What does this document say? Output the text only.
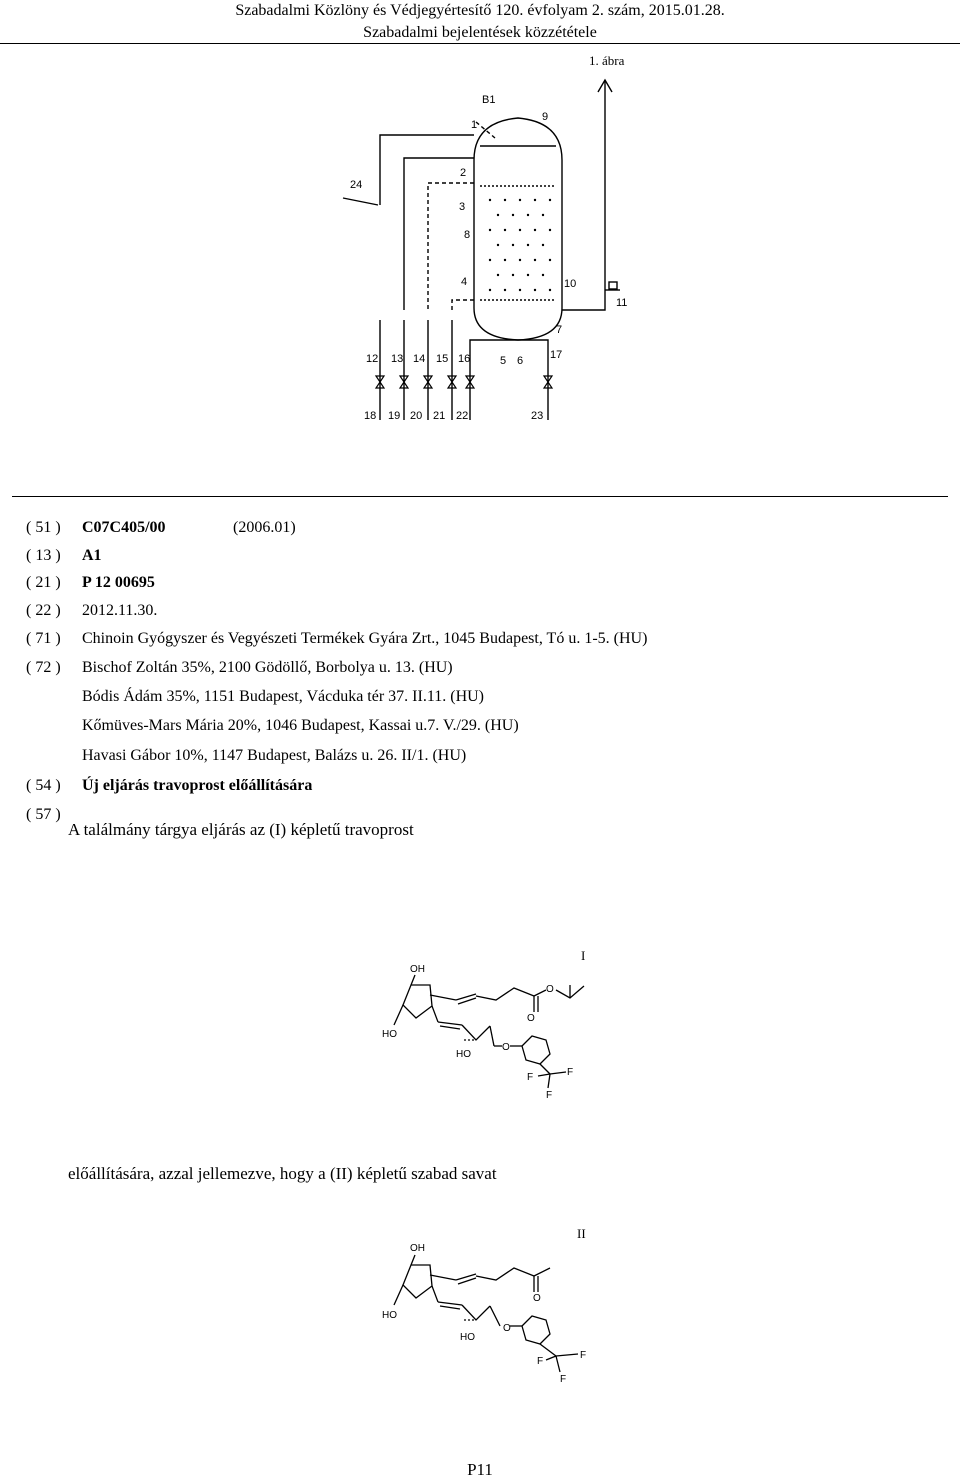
Szabadalmi Közlöny és Védjegyértesítő 120. évfolyam 2. szám, 2015.01.28.
Szabadalmi bejelentések közzététele
1. ábra
B1
1
9
24
2
3
8
4	10
11
7
12 13 14 15 16	5 6 17
18 19 20 21 22	23
( 51 )	C07C405/00	(2006.01)
( 13 )	A1
( 21 )	P 12 00695
( 22 )	2012.11.30.
( 71 )	Chinoin Gyógyszer és Vegyészeti Termékek Gyára Zrt., 1045 Budapest, Tó u. 1-5. (HU)
( 72 )	Bischof Zoltán 35%, 2100 Gödöllő, Borbolya u. 13. (HU)
Bódis Ádám 35%, 1151 Budapest, Vácduka tér 37. II.11. (HU)
Kőmüves-Mars Mária 20%, 1046 Budapest, Kassai u.7. V./29. (HU)
Havasi Gábor 10%, 1147 Budapest, Balázs u. 26. II/1. (HU)
( 54 )	Új eljárás travoprost előállítására
( 57 )
A találmány tárgya eljárás az (I) képletű travoprost
I
OH
HO
HO
O
O
O
F	F
F
előállítására, azzal jellemezve, hogy a (II) képletű szabad savat
II
OH
HO
HO
O
O
F
F
F
P11
